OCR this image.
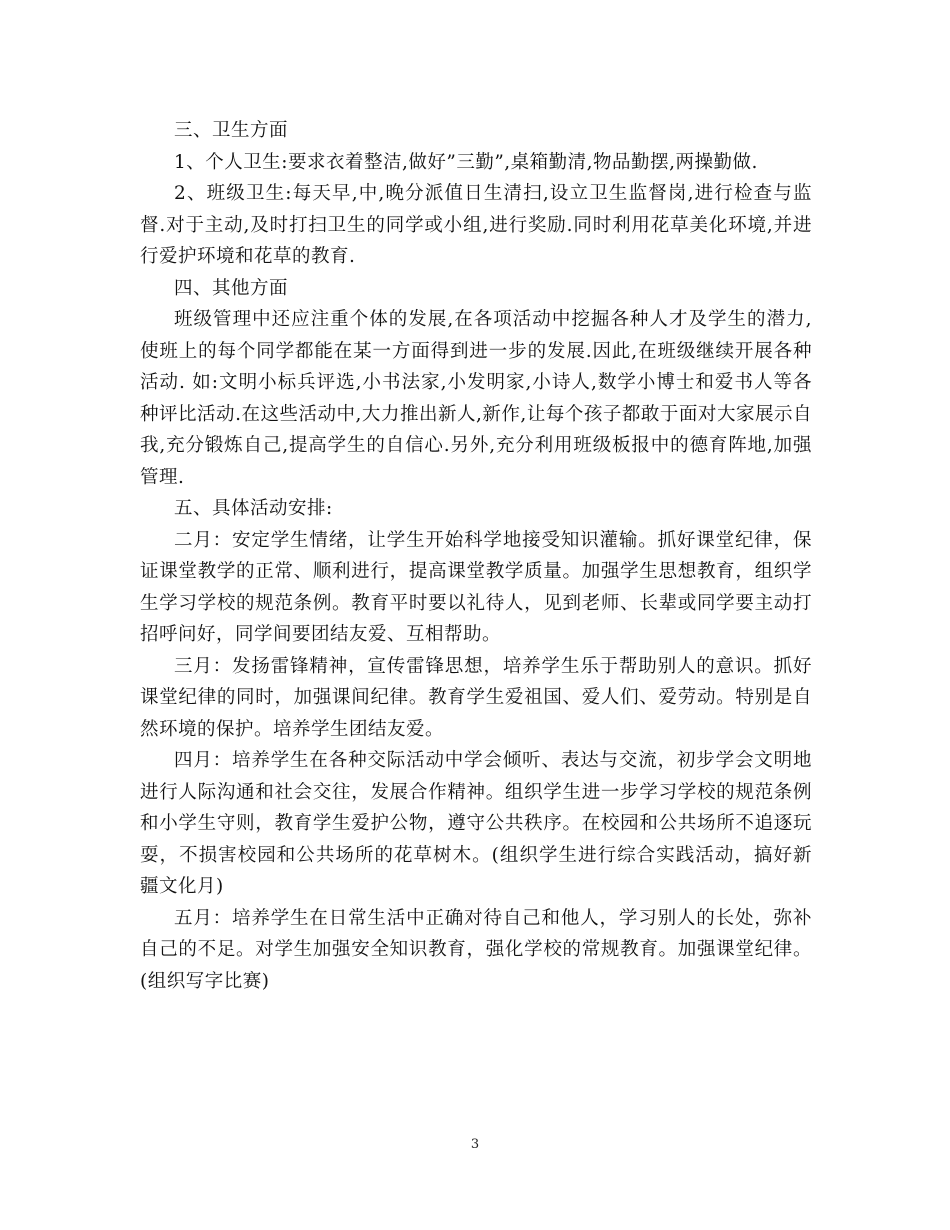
三、卫生方面

1、个人卫生:要求衣着整洁,做好”三勤”,桌箱勤清,物品勤摆,两操勤做.

2、班级卫生:每天早,中,晚分派值日生清扫,设立卫生监督岗,进行检查与监督.对于主动,及时打扫卫生的同学或小组,进行奖励.同时利用花草美化环境,并进行爱护环境和花草的教育.

四、其他方面

班级管理中还应注重个体的发展,在各项活动中挖掘各种人才及学生的潜力,使班上的每个同学都能在某一方面得到进一步的发展.因此,在班级继续开展各种活动. 如:文明小标兵评选,小书法家,小发明家,小诗人,数学小博士和爱书人等各种评比活动.在这些活动中,大力推出新人,新作,让每个孩子都敢于面对大家展示自我,充分锻炼自己,提高学生的自信心.另外,充分利用班级板报中的德育阵地,加强管理.

五、具体活动安排:

二月：安定学生情绪，让学生开始科学地接受知识灌输。抓好课堂纪律，保证课堂教学的正常、顺利进行，提高课堂教学质量。加强学生思想教育，组织学生学习学校的规范条例。教育平时要以礼待人，见到老师、长辈或同学要主动打招呼问好，同学间要团结友爱、互相帮助。

三月：发扬雷锋精神，宣传雷锋思想，培养学生乐于帮助别人的意识。抓好课堂纪律的同时，加强课间纪律。教育学生爱祖国、爱人们、爱劳动。特别是自然环境的保护。培养学生团结友爱。

四月：培养学生在各种交际活动中学会倾听、表达与交流，初步学会文明地进行人际沟通和社会交往，发展合作精神。组织学生进一步学习学校的规范条例和小学生守则，教育学生爱护公物，遵守公共秩序。在校园和公共场所不追逐玩耍，不损害校园和公共场所的花草树木。(组织学生进行综合实践活动，搞好新疆文化月)

五月：培养学生在日常生活中正确对待自己和他人，学习别人的长处，弥补自己的不足。对学生加强安全知识教育，强化学校的常规教育。加强课堂纪律。(组织写字比赛)

3
